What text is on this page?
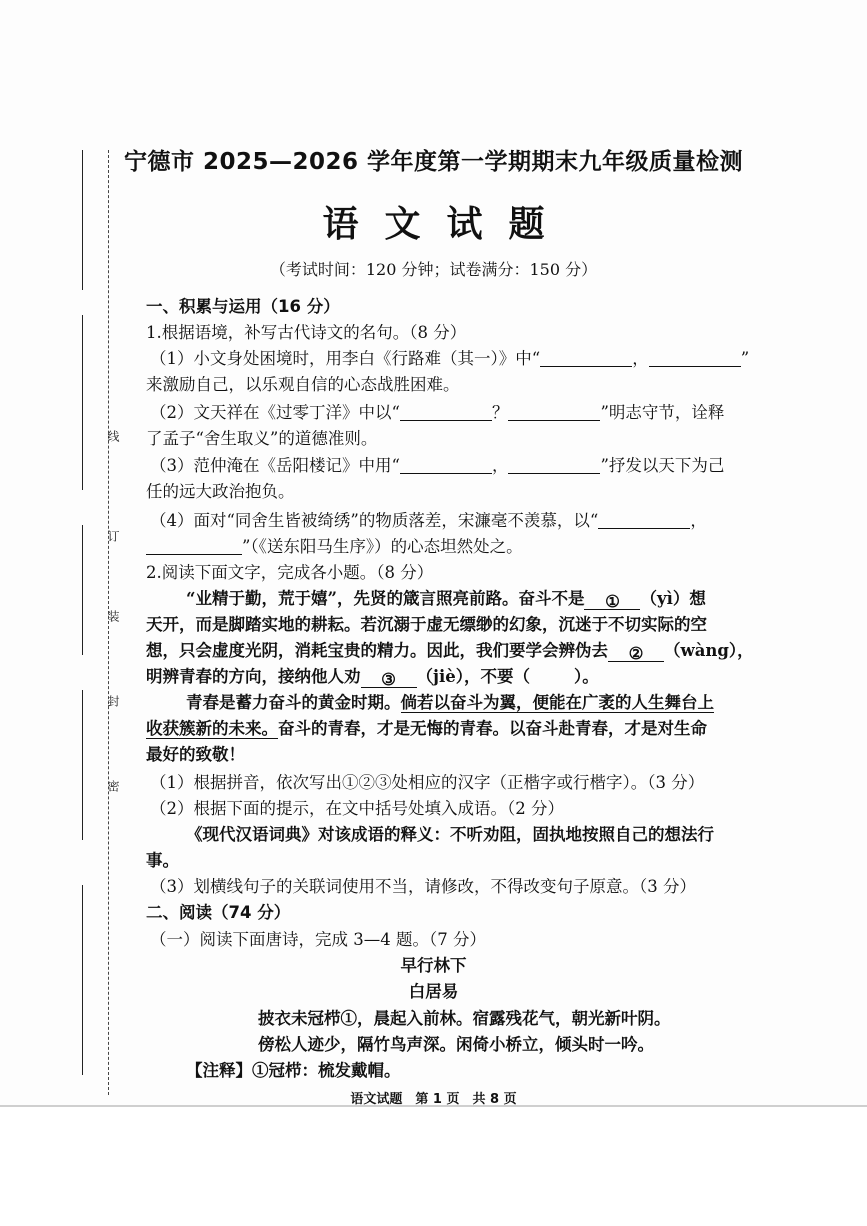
线
订
装
封
密
宁德市 2025—2026 学年度第一学期期末九年级质量检测
语文试题
（考试时间：120 分钟；试卷满分：150 分）
一、积累与运用（16 分）
1.根据语境，补写古代诗文的名句。（8 分）
（1）小文身处困境时，用李白《行路难（其一）》中“	，	”
来激励自己，以乐观自信的心态战胜困难。
（2）文天祥在《过零丁洋》中以“	？	”明志守节，诠释
了孟子“舍生取义”的道德准则。
（3）范仲淹在《岳阳楼记》中用“	，	”抒发以天下为己
任的远大政治抱负。
（4）面对“同舍生皆被绮绣”的物质落差，宋濂毫不羡慕，以“	，
”（《送东阳马生序》）的心态坦然处之。
2.阅读下面文字，完成各小题。（8 分）
“业精于勤，荒于嬉”，先贤的箴言照亮前路。奋斗不是 ① （yì）想
天开，而是脚踏实地的耕耘。若沉溺于虚无缥缈的幻象，沉迷于不切实际的空
想，只会虚度光阴，消耗宝贵的精力。因此，我们要学会辨伪去 ② （wàng），
明辨青春的方向，接纳他人劝 ③ （jiè），不要（	）。
青春是蓄力奋斗的黄金时期。倘若以奋斗为翼，便能在广袤的人生舞台上
收获簇新的未来。奋斗的青春，才是无悔的青春。以奋斗赴青春，才是对生命
最好的致敬！
（1）根据拼音，依次写出①②③处相应的汉字（正楷字或行楷字）。（3 分）
（2）根据下面的提示，在文中括号处填入成语。（2 分）
《现代汉语词典》对该成语的释义：不听劝阻，固执地按照自己的想法行
事。
（3）划横线句子的关联词使用不当，请修改，不得改变句子原意。（3 分）
二、阅读（74 分）
（一）阅读下面唐诗，完成 3—4 题。（7 分）
早行林下
白居易
披衣未冠栉①，晨起入前林。宿露残花气，朝光新叶阴。
傍松人迹少，隔竹鸟声深。闲倚小桥立，倾头时一吟。
【注释】①冠栉：梳发戴帽。
语文试题　第 1 页　共 8 页
